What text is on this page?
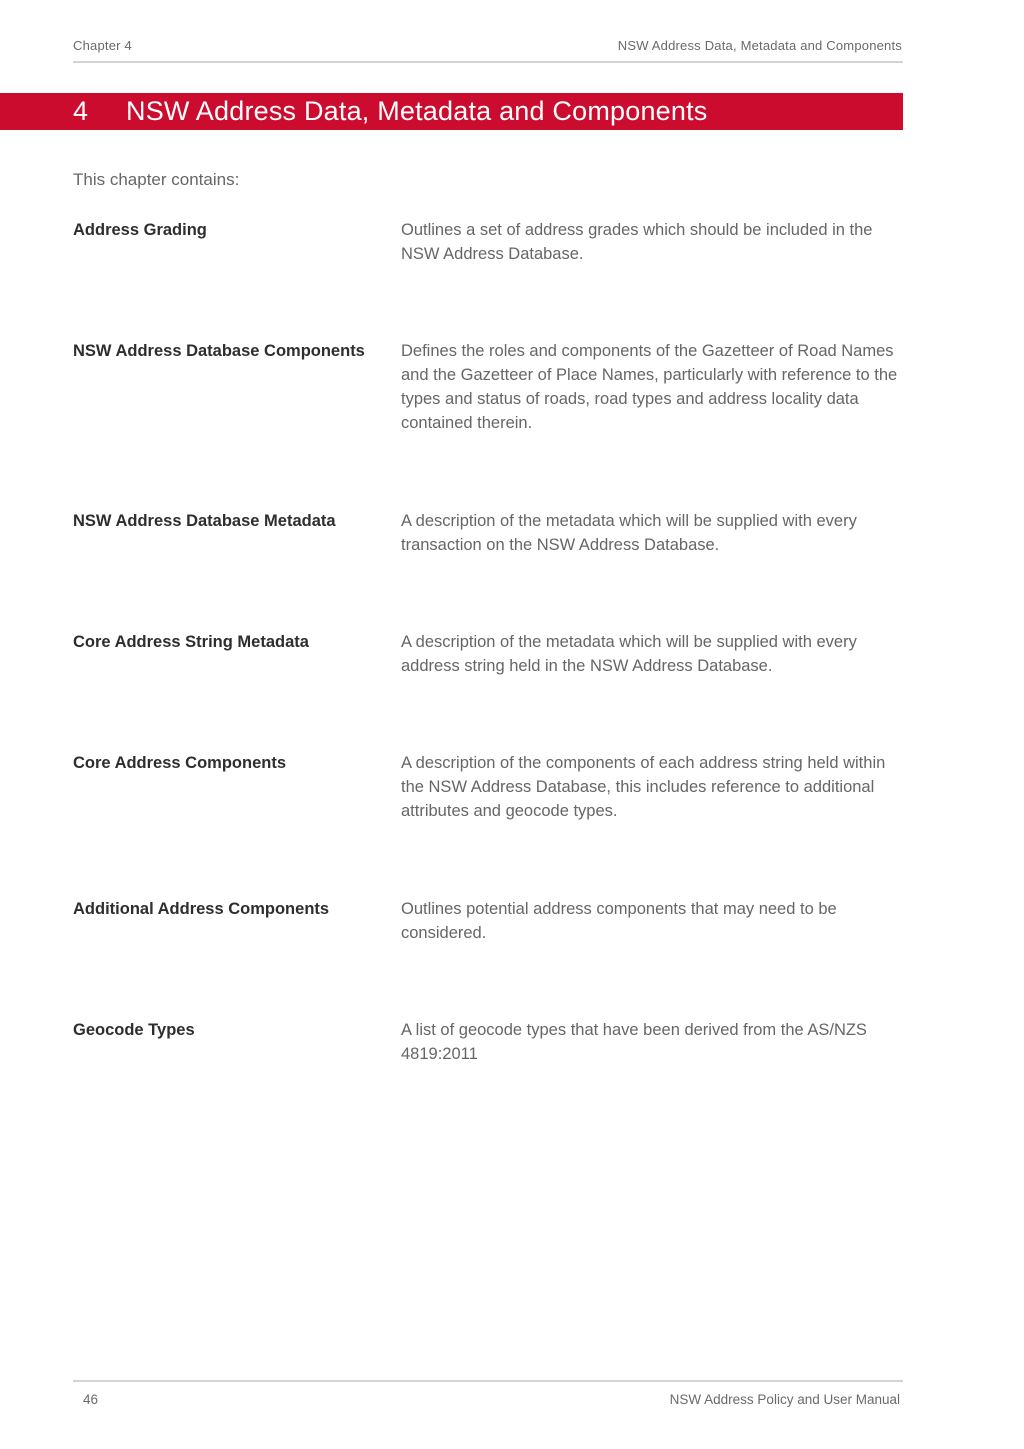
Chapter 4	NSW Address Data, Metadata and Components
4 NSW Address Data, Metadata and Components
This chapter contains:
Address Grading	Outlines a set of address grades which should be included in the NSW Address Database.
NSW Address Database Components	Defines the roles and components of the Gazetteer of Road Names and the Gazetteer of Place Names, particularly with reference to the types and status of roads, road types and address locality data contained therein.
NSW Address Database Metadata	A description of the metadata which will be supplied with every transaction on the NSW Address Database.
Core Address String Metadata	A description of the metadata which will be supplied with every address string held in the NSW Address Database.
Core Address Components	A description of the components of each address string held within the NSW Address Database, this includes reference to additional attributes and geocode types.
Additional Address Components	Outlines potential address components that may need to be considered.
Geocode Types	A list of geocode types that have been derived from the AS/NZS 4819:2011
46	NSW Address Policy and User Manual
